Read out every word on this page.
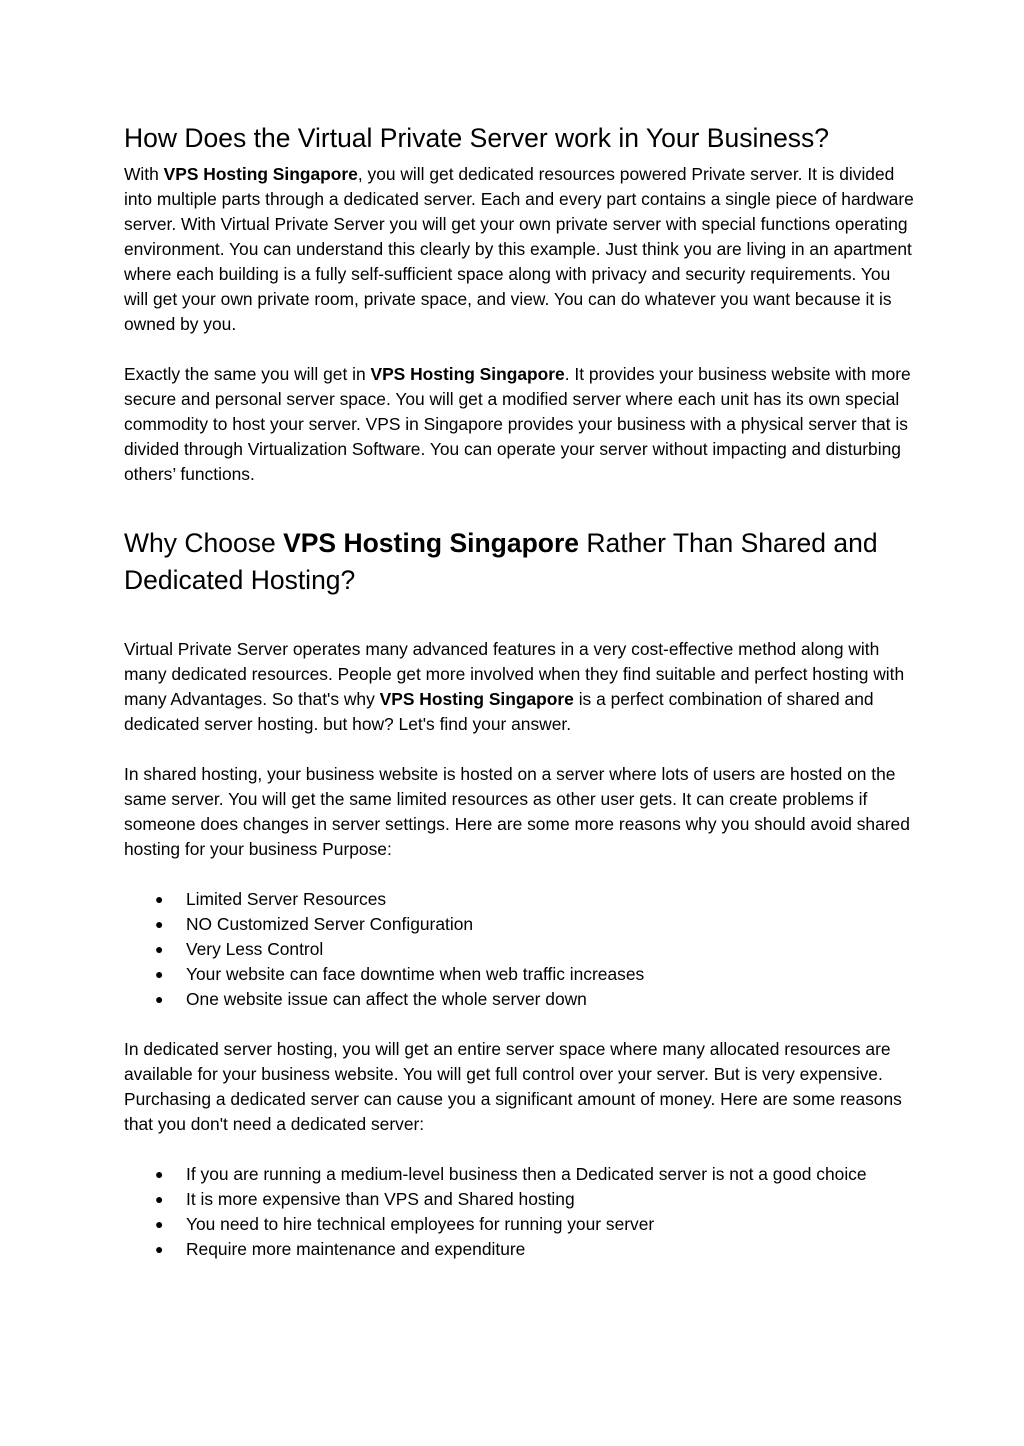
How Does the Virtual Private Server work in Your Business?

With VPS Hosting Singapore, you will get dedicated resources powered Private server. It is divided into multiple parts through a dedicated server. Each and every part contains a single piece of hardware server. With Virtual Private Server you will get your own private server with special functions operating environment. You can understand this clearly by this example. Just think you are living in an apartment where each building is a fully self-sufficient space along with privacy and security requirements. You will get your own private room, private space, and view. You can do whatever you want because it is owned by you.

Exactly the same you will get in VPS Hosting Singapore. It provides your business website with more secure and personal server space. You will get a modified server where each unit has its own special commodity to host your server. VPS in Singapore provides your business with a physical server that is divided through Virtualization Software. You can operate your server without impacting and disturbing others’ functions.

Why Choose VPS Hosting Singapore Rather Than Shared and Dedicated Hosting?

Virtual Private Server operates many advanced features in a very cost-effective method along with many dedicated resources. People get more involved when they find suitable and perfect hosting with many Advantages. So that's why VPS Hosting Singapore is a perfect combination of shared and dedicated server hosting. but how? Let's find your answer.

In shared hosting, your business website is hosted on a server where lots of users are hosted on the same server. You will get the same limited resources as other user gets. It can create problems if someone does changes in server settings. Here are some more reasons why you should avoid shared hosting for your business Purpose:

● Limited Server Resources
● NO Customized Server Configuration
● Very Less Control
● Your website can face downtime when web traffic increases
● One website issue can affect the whole server down

In dedicated server hosting, you will get an entire server space where many allocated resources are available for your business website. You will get full control over your server. But is very expensive. Purchasing a dedicated server can cause you a significant amount of money. Here are some reasons that you don't need a dedicated server:

● If you are running a medium-level business then a Dedicated server is not a good choice
● It is more expensive than VPS and Shared hosting
● You need to hire technical employees for running your server
● Require more maintenance and expenditure
